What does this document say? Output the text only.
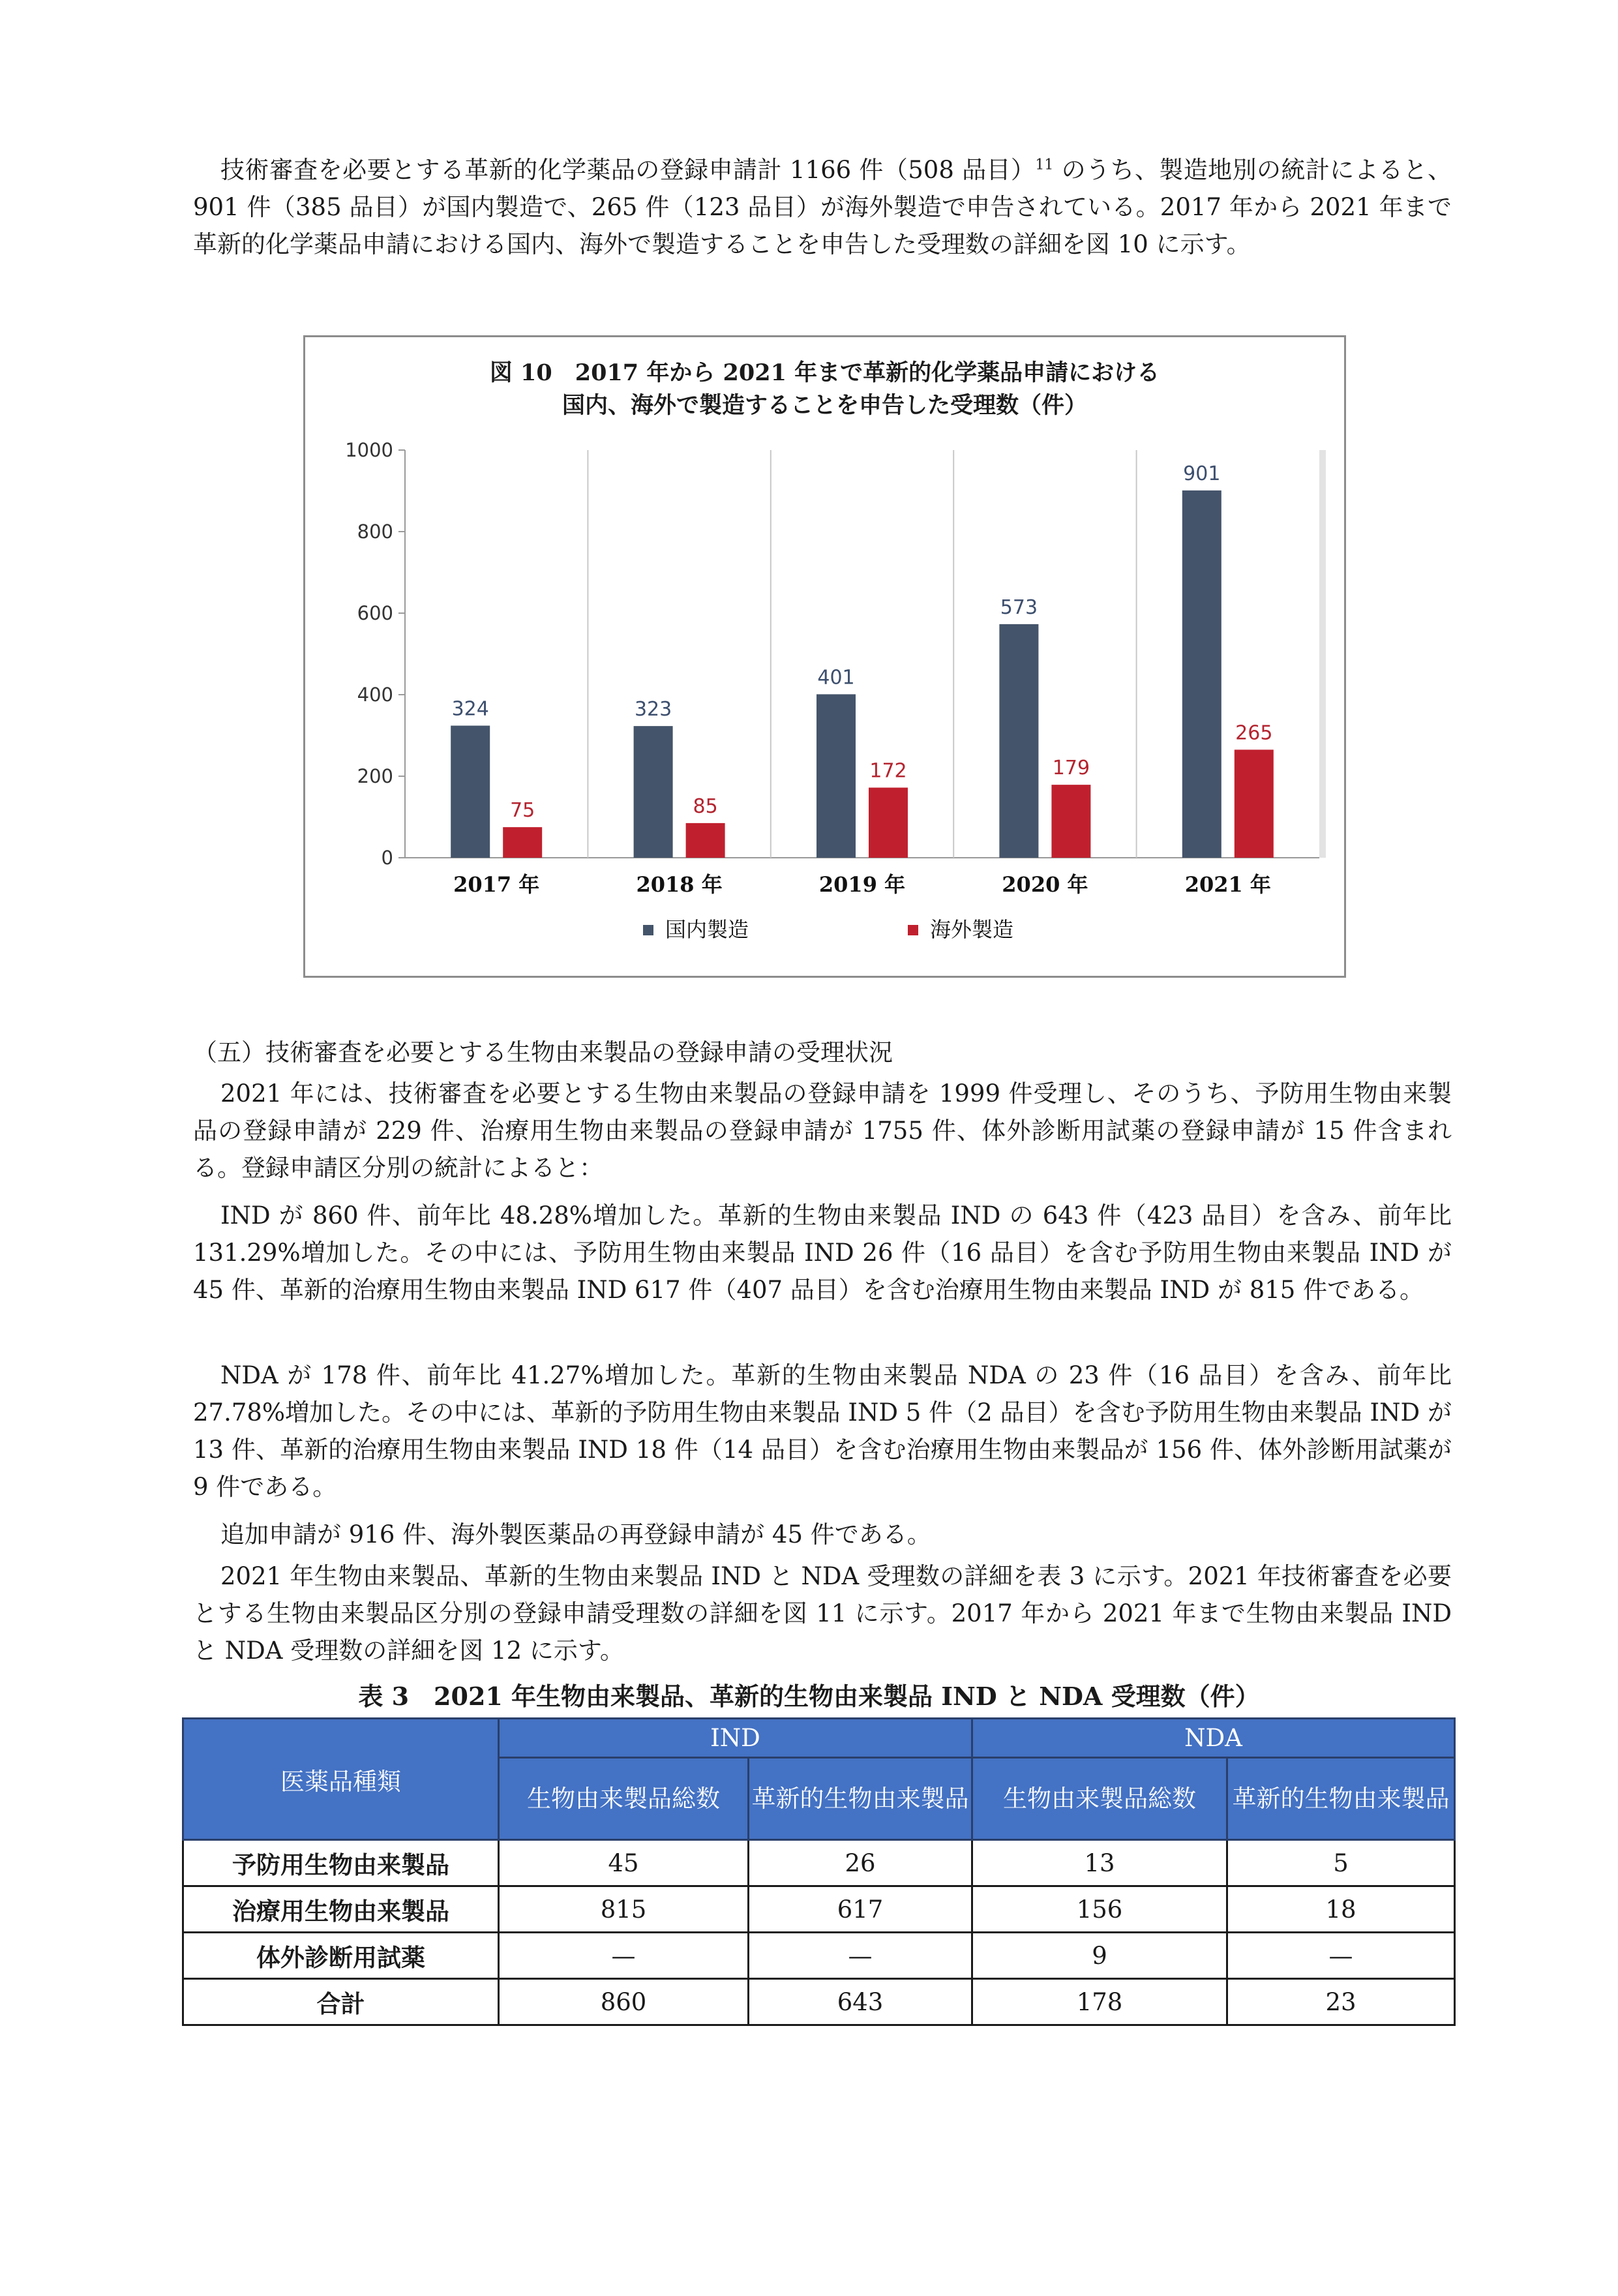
技術審査を必要とする革新的化学薬品の登録申請計 1166 件（508 品目）$^{11}$ のうち、製造地別の統計によると、901 件（385 品目）が国内製造で、265 件（123 品目）が海外製造で申告されている。2017 年から 2021 年まで革新的化学薬品申請における国内、海外で製造することを申告した受理数の詳細を図 10 に示す。

0
200
400
600
800
1000
324	323
401
573
901
75	85
172	179
265
2017 年	2018 年	2019 年	2020 年	2021 年
国内製造	海外製造
図 10　2017 年から 2021 年まで革新的化学薬品申請における
国内、海外で製造することを申告した受理数（件）

（五）技術審査を必要とする生物由来製品の登録申請の受理状況

2021 年には、技術審査を必要とする生物由来製品の登録申請を 1999 件受理し、そのうち、予防用生物由来製品の登録申請が 229 件、治療用生物由来製品の登録申請が 1755 件、体外診断用試薬の登録申請が 15 件含まれる。登録申請区分別の統計によると：

IND が 860 件、前年比 48.28%増加した。革新的生物由来製品 IND の 643 件（423 品目）を含み、前年比 131.29%増加した。その中には、予防用生物由来製品 IND 26 件（16 品目）を含む予防用生物由来製品 IND が 45 件、革新的治療用生物由来製品 IND 617 件（407 品目）を含む治療用生物由来製品 IND が 815 件である。

NDA が 178 件、前年比 41.27%増加した。革新的生物由来製品 NDA の 23 件（16 品目）を含み、前年比 27.78%増加した。その中には、革新的予防用生物由来製品 IND 5 件（2 品目）を含む予防用生物由来製品 IND が 13 件、革新的治療用生物由来製品 IND 18 件（14 品目）を含む治療用生物由来製品が 156 件、体外診断用試薬が 9 件である。

追加申請が 916 件、海外製医薬品の再登録申請が 45 件である。

2021 年生物由来製品、革新的生物由来製品 IND と NDA 受理数の詳細を表 3 に示す。2021 年技術審査を必要とする生物由来製品区分別の登録申請受理数の詳細を図 11 に示す。2017 年から 2021 年まで生物由来製品 IND と NDA 受理数の詳細を図 12 に示す。

表 3　2021 年生物由来製品、革新的生物由来製品 IND と NDA 受理数（件）

医薬品種類	IND		NDA	
	生物由来製品総数	革新的生物由来製品	生物由来製品総数	革新的生物由来製品
予防用生物由来製品	45	26	13	5
治療用生物由来製品	815	617	156	18
体外診断用試薬	—	—	9	—
合計	860	643	178	23
